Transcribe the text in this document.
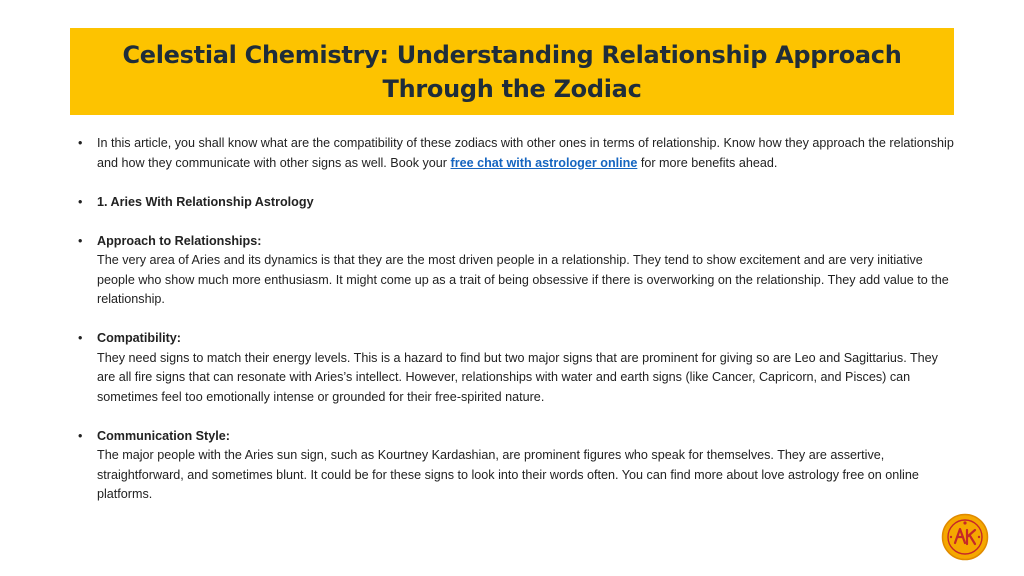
Celestial Chemistry: Understanding Relationship Approach Through the Zodiac
•	In this article, you shall know what are the compatibility of these zodiacs with other ones in terms of relationship. Know how they approach the relationship and how they communicate with other signs as well. Book your free chat with astrologer online for more benefits ahead.
•	1. Aries With Relationship Astrology
•	Approach to Relationships:
The very area of Aries and its dynamics is that they are the most driven people in a relationship. They tend to show excitement and are very initiative people who show much more enthusiasm. It might come up as a trait of being obsessive if there is overworking on the relationship. They add value to the relationship.
•	Compatibility:
They need signs to match their energy levels. This is a hazard to find but two major signs that are prominent for giving so are Leo and Sagittarius. They are all fire signs that can resonate with Aries’s intellect. However, relationships with water and earth signs (like Cancer, Capricorn, and Pisces) can sometimes feel too emotionally intense or grounded for their free-spirited nature.
•	Communication Style:
The major people with the Aries sun sign, such as Kourtney Kardashian, are prominent figures who speak for themselves. They are assertive, straightforward, and sometimes blunt. It could be for these signs to look into their words often. You can find more about love astrology free on online platforms.
